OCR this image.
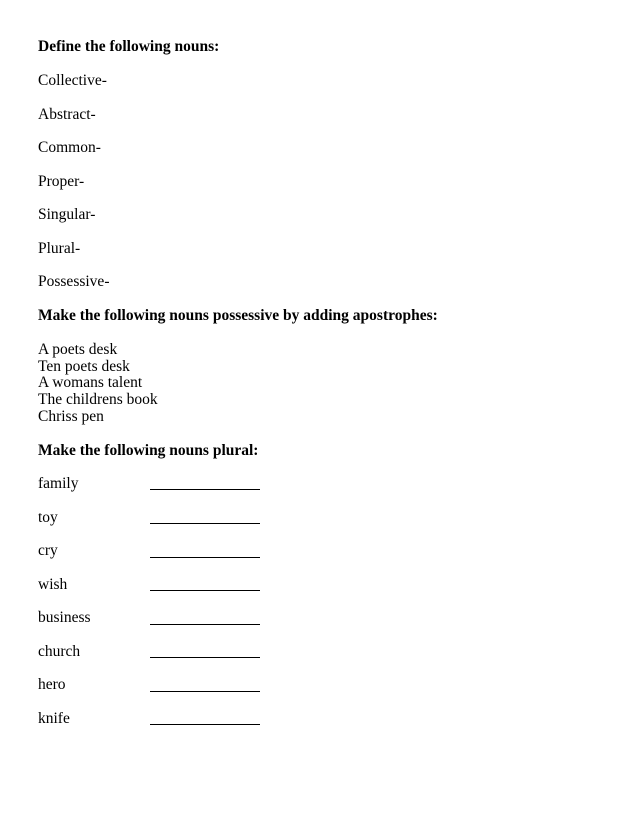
Define the following nouns:
Collective-
Abstract-
Common-
Proper-
Singular-
Plural-
Possessive-
Make the following nouns possessive by adding apostrophes:
A poets desk
Ten poets desk
A womans talent
The childrens book
Chriss pen
Make the following nouns plural:
family
toy
cry
wish
business
church
hero
knife
